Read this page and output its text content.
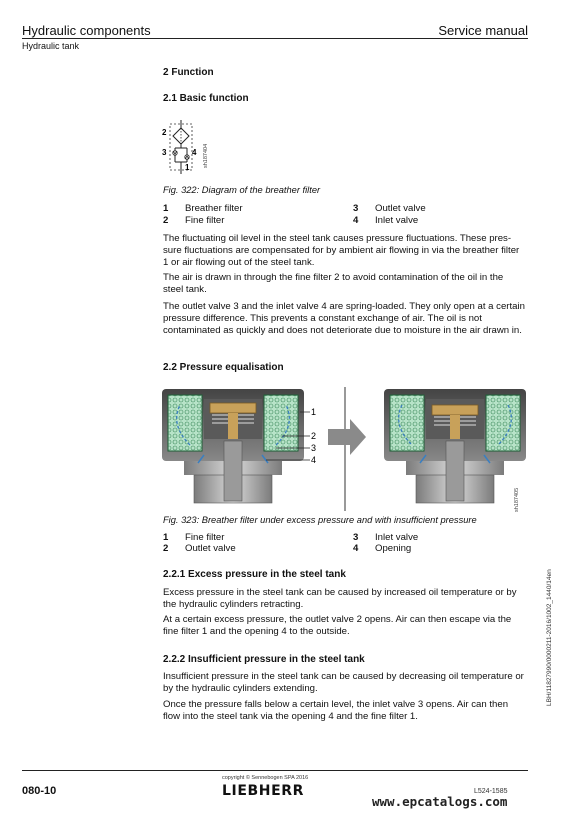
Hydraulic components	Service manual
Hydraulic tank
2 Function
2.1 Basic function
2
3	4
1 sh187404
Fig. 322: Diagram of the breather filter
1 Breather filter	3 Outlet valve
2 Fine filter	4 Inlet valve
The fluctuating oil level in the steel tank causes pressure fluctuations. These pres-sure fluctuations are compensated for by ambient air flowing in via the breather filter 1 or air flowing out of the steel tank.
The air is drawn in through the fine filter 2 to avoid contamination of the oil in the steel tank.
The outlet valve 3 and the inlet valve 4 are spring-loaded. They only open at a certain pressure difference. This prevents a constant exchange of air. The oil is not contaminated as quickly and does not deteriorate due to moisture in the air drawn in.
2.2 Pressure equalisation
1
2
3
4
sh187405
Fig. 323: Breather filter under excess pressure and with insufficient pressure
1 Fine filter	3 Inlet valve
2 Outlet valve	4 Opening
2.2.1 Excess pressure in the steel tank
Excess pressure in the steel tank can be caused by increased oil temperature or by the hydraulic cylinders retracting.
At a certain excess pressure, the outlet valve 2 opens. Air can then escape via the fine filter 1 and the opening 4 to the outside.
2.2.2 Insufficient pressure in the steel tank
Insufficient pressure in the steel tank can be caused by decreasing oil temperature or by the hydraulic cylinders extending.
Once the pressure falls below a certain level, the inlet valve 3 opens. Air can then flow into the steel tank via the opening 4 and the fine filter 1.
LBH/11827990/0000211-2016/1002_1440/14en
080-10
copyright © Sennebogen SPA 2016
LIEBHERR	L524-1585
www.epcatalogs.com
